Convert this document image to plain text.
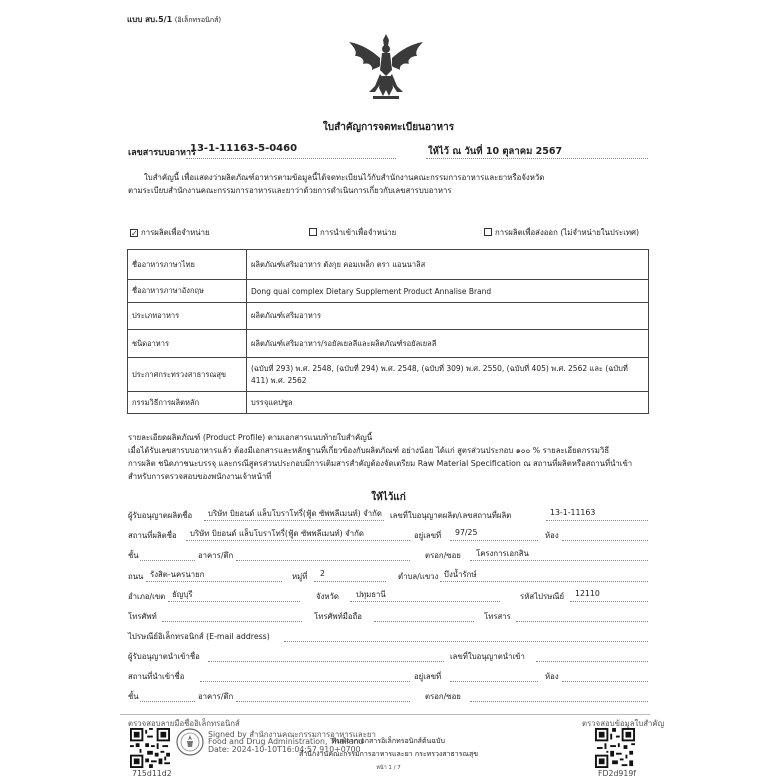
แบบ สบ.5/1 (อิเล็กทรอนิกส์)
ใบสำคัญการจดทะเบียนอาหาร
เลขสารบบอาหาร
13-1-11163-5-0460	ให้ไว้ ณ วันที่ 10 ตุลาคม 2567
ใบสำคัญนี้ เพื่อแสดงว่าผลิตภัณฑ์อาหารตามข้อมูลนี้ได้จดทะเบียนไว้กับสำนักงานคณะกรรมการอาหารและยาหรือจังหวัด
ตามระเบียบสำนักงานคณะกรรมการอาหารและยาว่าด้วยการดำเนินการเกี่ยวกับเลขสารบบอาหาร
✓ การผลิตเพื่อจำหน่าย	การนำเข้าเพื่อจำหน่าย	การผลิตเพื่อส่งออก (ไม่จำหน่ายในประเทศ)
ชื่ออาหารภาษาไทย	ผลิตภัณฑ์เสริมอาหาร ตังกุย คอมเพล็ก ตรา แอนนาลิส
ชื่ออาหารภาษาอังกฤษ	Dong quai complex Dietary Supplement Product Annalise Brand
ประเภทอาหาร	ผลิตภัณฑ์เสริมอาหาร
ชนิดอาหาร	ผลิตภัณฑ์เสริมอาหาร/รอยัลเยลลีและผลิตภัณฑ์รอยัลเยลลี
ประกาศกระทรวงสาธารณสุข	(ฉบับที่ 293) พ.ศ. 2548, (ฉบับที่ 294) พ.ศ. 2548, (ฉบับที่ 309) พ.ศ. 2550, (ฉบับที่ 405) พ.ศ. 2562 และ (ฉบับที่ 411) พ.ศ. 2562
กรรมวิธีการผลิตหลัก	บรรจุแคปซูล
รายละเอียดผลิตภัณฑ์ (Product Profile) ตามเอกสารแนบท้ายใบสำคัญนี้
เมื่อได้รับเลขสารบบอาหารแล้ว ต้องมีเอกสารและหลักฐานที่เกี่ยวข้องกับผลิตภัณฑ์ อย่างน้อย ได้แก่ สูตรส่วนประกอบ ๑๐๐ % รายละเอียดกรรมวิธี
การผลิต ชนิดภาชนะบรรจุ และกรณีสูตรส่วนประกอบมีการเติมสารสำคัญต้องจัดเตรียม Raw Material Specification ณ สถานที่ผลิตหรือสถานที่นำเข้า
สำหรับการตรวจสอบของพนักงานเจ้าหน้าที่
ให้ไว้แก่
ผู้รับอนุญาตผลิตชื่อ บริษัท บิยอนด์ แล็บโบราโทรี่(ฟู้ด ซัพพลีเมนท์) จำกัด เลขที่ใบอนุญาตผลิต/เลขสถานที่ผลิต	13-1-11163
สถานที่ผลิตชื่อ บริษัท บิยอนด์ แล็บโบราโทรี่(ฟู้ด ซัพพลีเมนท์) จำกัด	อยู่เลขที่ 97/25	ห้อง
ชั้น	อาคาร/ตึก	ตรอก/ซอย โครงการเอกสิน
ถนน รังสิต-นครนายก	หมู่ที่ 2	ตำบล/แขวง บึงน้ำรักษ์
อำเภอ/เขต ธัญบุรี	จังหวัด ปทุมธานี	รหัสไปรษณีย์ 12110
โทรศัพท์	โทรศัพท์มือถือ	โทรสาร
ไปรษณีย์อิเล็กทรอนิกส์ (E-mail address)
ผู้รับอนุญาตนำเข้าชื่อ	เลขที่ใบอนุญาตนำเข้า
สถานที่นำเข้าชื่อ	อยู่เลขที่	ห้อง
ชั้น	อาคาร/ตึก	ตรอก/ซอย
ตรวจสอบลายมือชื่ออิเล็กทรอนิกส์	ตรวจสอบข้อมูลใบสำคัญ
715d11d2
Signed by สำนักงานคณะกรรมการอาหารและยา
Food and Drug Administration, Thailand
Date: 2024-10-10T16:04:57.910+0700
พิมพ์จากเอกสารอิเล็กทรอนิกส์ต้นฉบับ
สำนักงานคณะกรรมการอาหารและยา กระทรวงสาธารณสุข
หน้า 1 / 7
FD2d919f
